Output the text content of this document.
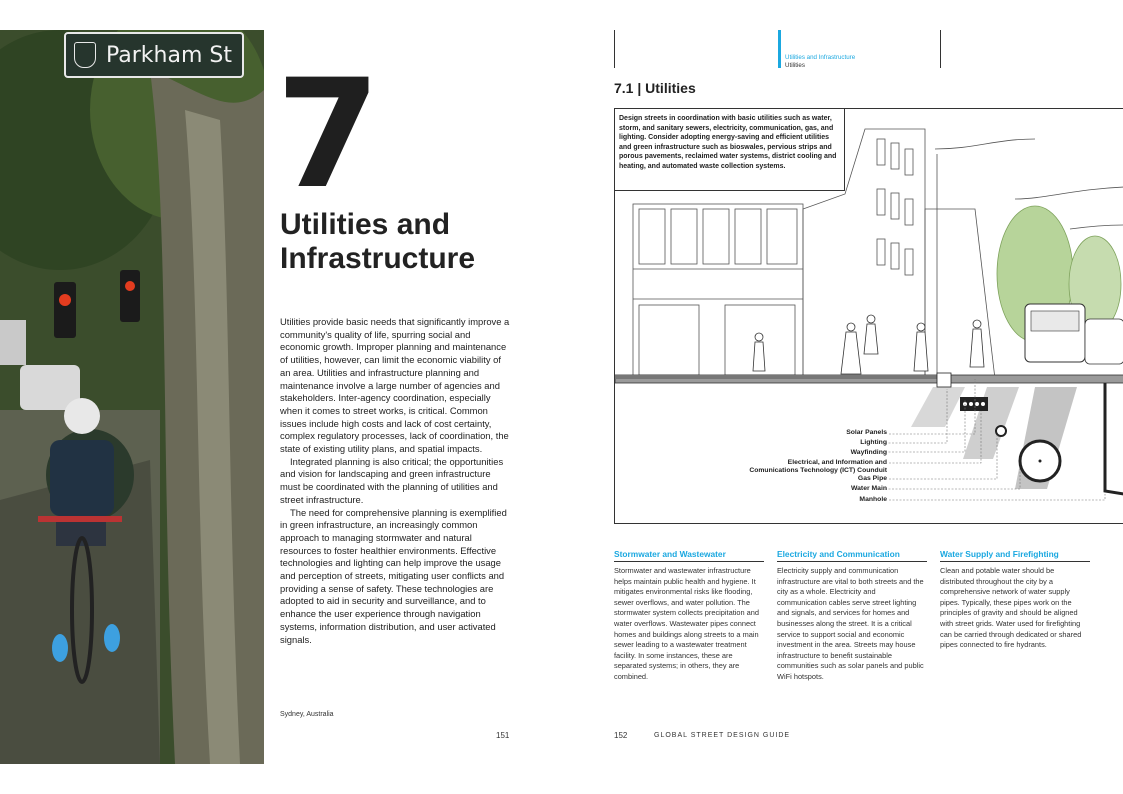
Parkham St 7
Utilities and Infrastructure

Utilities provide basic needs that significantly improve a community's quality of life, spurring social and economic growth. Improper planning and maintenance of utilities, however, can limit the economic viability of an area. Utilities and infrastructure planning and maintenance involve a large number of agencies and stakeholders. Inter-agency coordination, especially when it comes to street works, is critical. Common issues include high costs and lack of cost certainty, complex regulatory processes, lack of coordination, the state of existing utility plans, and spatial impacts.

Integrated planning is also critical; the opportunities and vision for landscaping and green infrastructure must be coordinated with the planning of utilities and street infrastructure.

The need for comprehensive planning is exemplified in green infrastructure, an increasingly common approach to managing stormwater and natural resources to foster healthier environments. Effective technologies and lighting can help improve the usage and perception of streets, mitigating user conflicts and providing a sense of safety. These technologies are adopted to aid in security and surveillance, and to enhance the user experience through navigation systems, information distribution, and user activated signals.

Sydney, Australia
151
Utilities and Infrastructure
Utilities
7.1 | Utilities
Design streets in coordination with basic utilities such as water, storm, and sanitary sewers, electricity, communication, gas, and lighting. Consider adopting energy-saving and efficient utilities and green infrastructure such as bioswales, pervious strips and porous pavements, reclaimed water systems, district cooling and heating, and automated waste collection systems.
Solar Panels
Lighting
Wayfinding
Electrical, and Information and Comunications Technology (ICT) Counduit
Gas Pipe
Water Main
Manhole
Stormwater and Wastewater

Stormwater and wastewater infrastructure helps maintain public health and hygiene. It mitigates environmental risks like flooding, sewer overflows, and water pollution. The stormwater system collects precipitation and water overflows. Wastewater pipes connect homes and buildings along streets to a main sewer leading to a wastewater treatment facility. In some instances, these are separated systems; in others, they are combined.

Electricity and Communication

Electricity supply and communication infrastructure are vital to both streets and the city as a whole. Electricity and communication cables serve street lighting and signals, and services for homes and businesses along the street. It is a critical service to support social and economic investment in the area. Streets may house infrastructure to benefit sustainable communities such as solar panels and public WiFi hotspots.

Water Supply and Firefighting

Clean and potable water should be distributed throughout the city by a comprehensive network of water supply pipes. Typically, these pipes work on the principles of gravity and should be aligned with street grids. Water used for firefighting can be carried through dedicated or shared pipes connected to fire hydrants.

152	GLOBAL STREET DESIGN GUIDE
